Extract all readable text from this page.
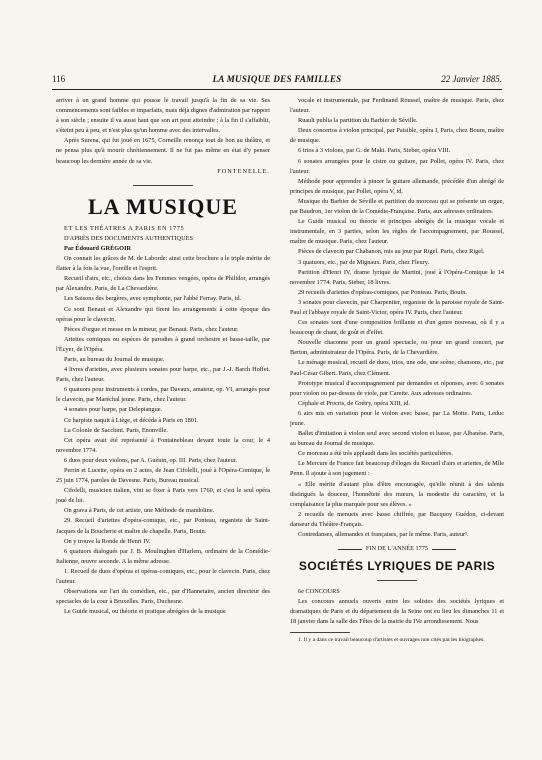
116	LA MUSIQUE DES FAMILLES	22 Janvier 1885.

arriver à un grand homme qui pousse le travail jusqu'à la fin de sa vie. Ses commencements sont faibles et imparfaits, mais déjà dignes d'admiration par rapport à son siècle ; ensuite il va aussi haut que son art peut atteindre ; à la fin il s'affaiblit, s'éteint peu à peu, et n'est plus qu'un homme avec des intervalles.

Après Surena, qui fut joué en 1675, Corneille renonça tout de bon au théâtre, et ne pensa plus qu'à mourir chrétiennement. Il ne fut pas même en état d'y penser beaucoup les dernière année de sa vie.

FONTENELLE.

LA MUSIQUE

ET LES THÉATRES A PARIS EN 1775

D'APRÈS DES DOCUMENTS AUTHENTIQUES

Par Édouard GRÉGOIR

On connait les grâces de M. de Laborde: ainsi cette brochure a le triple mérite de flatter à la fois la vue, l'oreille et l'esprit.

Recueil d'airs, etc., choisis dans les Femmes vengées, opéra de Philidor, arrangés par Alexandre. Paris, de La Chevardière.

Les Saisons des bergères, avec symphonie, par l'abbé Ferray. Paris, id.

Ce sont Benaut et Alexandre qui firent les arrangements à cette époque des opéras pour le clavecin.

Pièces d'orgue et messe en la mineur, par Benaut. Paris, chez l'auteur.

Ariettes comiques ou espèces de parodies à grand orchestre et basse-taille, par l'Écyer, de l'Opéra.

Paris, au bureau du Journal de musique.

4 livres d'ariettes, avec plusieurs sonates pour harpe, etc., par J.-J. Barch Hoffet. Paris, chez l'auteur.

6 quatuors pour instruments à cordes, par Davaux, amateur, op. VI, arrangés pour le clavecin, par Maréchal jeune. Paris, chez l'auteur.

4 sonates pour harpe, par Delepiangue.

Ce harpiste naquit à Liège, et décéda à Paris en 1801.

La Colonie de Sacchini. Paris, Enonville.

Cet opéra avait été représenté à Fontainebleau devant toute la cour, le 4 novembre 1774.

6 duos pour deux violons, par A. Guénin, op. III. Paris, chez l'auteur.

Perrin et Lucette, opéra en 2 actes, de Jean Cifolelli, joué à l'Opéra-Comique, le 25 juin 1774, paroles de Davesne. Paris, Bureau musical.

Cifolelli, musicien italien, vint se fixer à Paris vers 1760, et c'est le seul opéra joué de lui.

On grava à Paris, de cet artiste, une Méthode de mandoline.

29. Recueil d'ariettes d'opéra-comique, etc., par Ponteau, organiste de Saint-Jacques de la Boucherie et maître de chapelle. Paris, Bouin.

On y trouve la Ronde de Henri IV.

6 quatuors dialogués par J. B. Moulinghen d'Harlem, ordinaire de la Comédie-Italienne, œuvre seconde. A la même adresse.

1. Recueil de duos d'opéras et opéras-comiques, etc., pour le clavecin. Paris, chez l'auteur.

Observations sur l'art du comédien, etc., par d'Hannetaire, ancien directeur des spectacles de la cour à Bruxelles. Paris, Duchesne.

Le Guide musical, ou théorie et pratique abrégées de la musique

vocale et instrumentale, par Ferdinand Roussel, maître de musique. Paris, chez l'auteur.

Ruault publia la partition du Barbier de Séville.

Deux concertos à violon principal, par Paisible, opéra I, Paris, chez Boum, maître de musique.

6 trios à 3 violons, par G. de Maki. Paris, Sieber, opéra VIII.

6 sonates arrangées pour le cistre ou guitare, par Pollet, opéra IV. Paris, chez l'auteur.

Méthode pour apprendre à pincer la guitare allemande, précédée d'un abrégé de principes de musique, par Pollet, opéra V, id.

Musique du Barbier de Séville et partition du morceau qui se présente un orgue, par Baudron, 1er violon de la Comédie-Française. Paris, aux adresses ordinaires.

Le Guide musical ou théorie et principes abrégés de la musique vocale et instrumentale, en 3 parties, selon les règles de l'accompagnement, par Roussel, maître de musique. Paris, chez l'auteur.

Pièces de clavecin par Chabanon, mis au jour par Rigel. Paris, chez Rigel.

3 quatuors, etc., par de Mignaux. Paris, chez Fleury.

Partition d'Henri IV, drame lyrique de Martini, joué à l'Opéra-Comique le 14 novembre 1774. Paris, Sieber, 18 livres.

29 recueils d'ariettes d'opéras-comiques, par Ponteau. Paris, Bouin.

3 sonates pour clavecin, par Charpentier, organiste de la paroisse royale de Saint-Paul et l'abbaye royale de Saint-Victor, opéra IV. Paris, chez l'auteur.

Ces sonates sont d'une composition brillante et d'un genre nouveau, où il y a beaucoup de chant, de goût et d'effet.

Nouvelle chaconne pour un grand spectacle, ou pour un grand concert, par Berton, administrateur de l'Opéra. Paris, de la Chevardière.

Le ménage musical, recueil de duos, trios, une ode, une scène, chansons, etc., par Paul-César Gibert. Paris, chez Clément.

Prototype musical d'accompagnement par demandes et réponses, avec 6 sonates pour violon ou par-dessus de viole, par Carette. Aux adresses ordinaires.

Céphale et Procris, de Grétry, opéra XIII, id.

6 airs mis en variation pour le violon avec basse, par La Motte. Paris, Leduc jeune.

Ballet d'imitation à violon seul avec second violon et basse, par Albanèse. Paris, au bureau du Journal de musique.

Ce morceau a été très applaudi dans les sociétés particulières.

Le Mercure de France fait beaucoup d'éloges du Recueil d'airs et ariettes, de Mlle Penn. Il ajoute à son jugement :

« Elle mérite d'autant plus d'être encouragée, qu'elle réunit à des talents distingués la douceur, l'honnêteté des mœurs, la modestie du caractère, et la complaisance la plus marquée pour ses élèves. »

2 recueils de menuets avec basse chiffrée, par Bacquoy Guédon, ci-devant danseur du Théâtre-Français.

Contredanses, allemandes et françaises, par le même. Paris, auteur¹.

FIN DE L'ANNÉE 1775
SOCIÉTÉS LYRIQUES DE PARIS

6e CONCOURS

Les concours annuels ouverts entre les solistes des sociétés lyriques et dramatiques de Paris et du département de la Seine ont eu lieu les dimanches 11 et 18 janvier dans la salle des Fêtes de la mairie du IVe arrondissement. Nous

1. Il y a dans ce travail beaucoup d'artistes et ouvrages non cités par les biographes.
